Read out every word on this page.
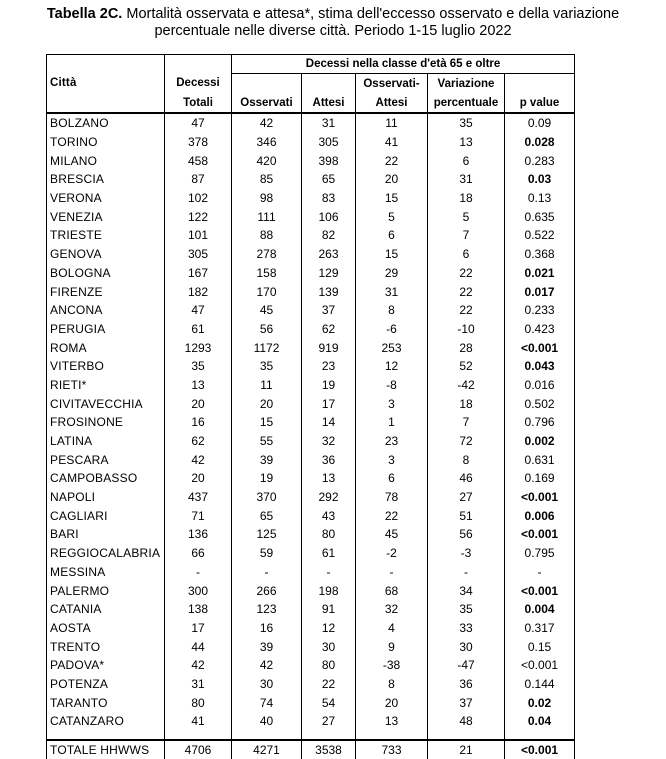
Tabella 2C. Mortalità osservata e attesa*, stima dell'eccesso osservato e della variazione
percentuale nelle diverse città. Periodo 1-15 luglio 2022
		Decessi nella classe d'età 65 e oltre				
Città	Decessi			Osservati-	Variazione	
	Totali	Osservati	Attesi	Attesi	percentuale	p value
BOLZANO	47	42	31	11	35	0.09
TORINO	378	346	305	41	13	0.028
MILANO	458	420	398	22	6	0.283
BRESCIA	87	85	65	20	31	0.03
VERONA	102	98	83	15	18	0.13
VENEZIA	122	111	106	5	5	0.635
TRIESTE	101	88	82	6	7	0.522
GENOVA	305	278	263	15	6	0.368
BOLOGNA	167	158	129	29	22	0.021
FIRENZE	182	170	139	31	22	0.017
ANCONA	47	45	37	8	22	0.233
PERUGIA	61	56	62	-6	-10	0.423
ROMA	1293	1172	919	253	28	<0.001
VITERBO	35	35	23	12	52	0.043
RIETI*	13	11	19	-8	-42	0.016
CIVITAVECCHIA	20	20	17	3	18	0.502
FROSINONE	16	15	14	1	7	0.796
LATINA	62	55	32	23	72	0.002
PESCARA	42	39	36	3	8	0.631
CAMPOBASSO	20	19	13	6	46	0.169
NAPOLI	437	370	292	78	27	<0.001
CAGLIARI	71	65	43	22	51	0.006
BARI	136	125	80	45	56	<0.001
REGGIOCALABRIA	66	59	61	-2	-3	0.795
MESSINA	-	-	-	-	-	-
PALERMO	300	266	198	68	34	<0.001
CATANIA	138	123	91	32	35	0.004
AOSTA	17	16	12	4	33	0.317
TRENTO	44	39	30	9	30	0.15
PADOVA*	42	42	80	-38	-47	<0.001
POTENZA	31	30	22	8	36	0.144
TARANTO	80	74	54	20	37	0.02
CATANZARO	41	40	27	13	48	0.04

TOTALE HHWWS	4706	4271	3538	733	21	<0.001
